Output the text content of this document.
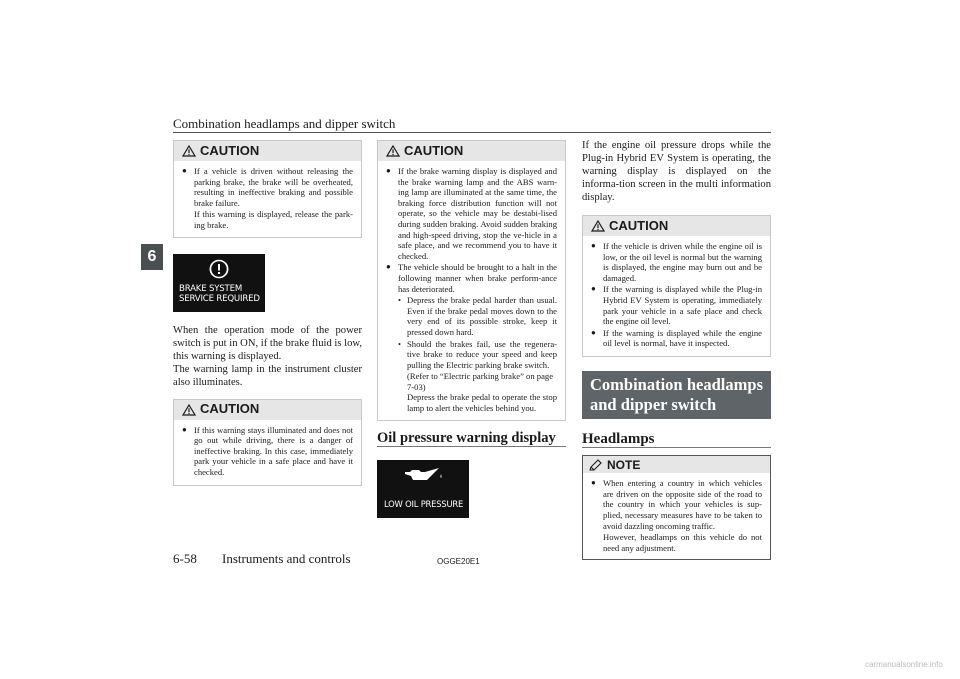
Combination headlamps and dipper switch
6
CAUTION
● If a vehicle is driven without releasing the parking brake, the brake will be overheated, resulting in ineffective braking and possible brake failure.
If this warning is displayed, release the park-ing brake.
BRAKE SYSTEM
SERVICE REQUIRED
When the operation mode of the power switch is put in ON, if the brake fluid is low, this warning is displayed.
The warning lamp in the instrument cluster also illuminates.
CAUTION
● If this warning stays illuminated and does not go out while driving, there is a danger of ineffective braking. In this case, immediately park your vehicle in a safe place and have it checked.
CAUTION
● If the brake warning display is displayed and the brake warning lamp and the ABS warn-ing lamp are illuminated at the same time, the braking force distribution function will not operate, so the vehicle may be destabi-lised during sudden braking. Avoid sudden braking and high-speed driving, stop the ve-hicle in a safe place, and we recommend you to have it checked.
● The vehicle should be brought to a halt in the following manner when brake perform-ance has deteriorated.
• Depress the brake pedal harder than usual. Even if the brake pedal moves down to the very end of its possible stroke, keep it pressed down hard.
• Should the brakes fail, use the regenera-tive brake to reduce your speed and keep pulling the Electric parking brake switch.
(Refer to “Electric parking brake” on page 7-03)
Depress the brake pedal to operate the stop lamp to alert the vehicles behind you.
Oil pressure warning display
LOW OIL PRESSURE
If the engine oil pressure drops while the Plug-in Hybrid EV System is operating, the warning display is displayed on the informa-tion screen in the multi information display.
CAUTION
● If the vehicle is driven while the engine oil is low, or the oil level is normal but the warning is displayed, the engine may burn out and be damaged.
● If the warning is displayed while the Plug-in Hybrid EV System is operating, immediately park your vehicle in a safe place and check the engine oil level.
● If the warning is displayed while the engine oil level is normal, have it inspected.
Combination headlamps and dipper switch
Headlamps
NOTE
● When entering a country in which vehicles are driven on the opposite side of the road to the country in which your vehicles is sup-plied, necessary measures have to be taken to avoid dazzling oncoming traffic.
However, headlamps on this vehicle do not need any adjustment.
6-58 Instruments and controls	OGGE20E1
carmanualsonline.info
